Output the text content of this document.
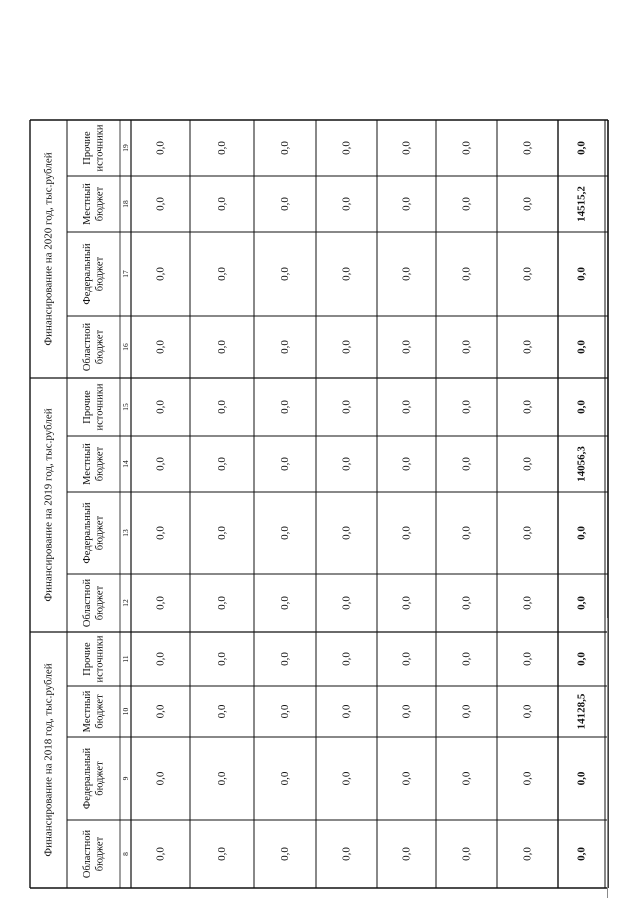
Финансирование на 2018 год, тыс.рублей
Финансирование на 2019 год, тыс.рублей
Финансирование на 2020 год, тыс.рублей
Областной бюджет 8
Федеральный бюджет 9
Местный бюджет 10
Прочие источники 11
Областной бюджет 12
Федеральный бюджет 13
Местный бюджет 14
Прочие источники 15
Областной бюджет 16
Федеральный бюджет 17
Местный бюджет 18
Прочие источники 19
0,0
0,0
0,0
0,0
0,0
0,0
0,0
0,0
0,0
0,0
0,0
0,0
0,0
0,0
0,0
0,0
0,0
0,0
0,0
0,0
0,0
0,0
0,0
0,0
0,0
0,0
0,0
0,0
0,0
0,0
0,0
0,0
0,0
0,0
0,0
0,0
0,0
0,0
0,0
0,0
0,0
0,0
0,0
0,0
0,0
0,0
0,0
0,0
0,0
0,0
0,0
0,0
0,0
0,0
0,0
0,0
0,0
0,0
0,0
0,0
0,0
0,0
0,0
0,0
0,0
0,0
0,0
0,0
0,0
0,0
0,0
0,0
0,0
0,0
0,0
0,0
0,0
0,0
0,0
0,0
0,0
0,0
0,0
0,0
0,0
0,0
14128,5
0,0
0,0
0,0
14056,3
0,0
0,0
0,0
14515,2
0,0
